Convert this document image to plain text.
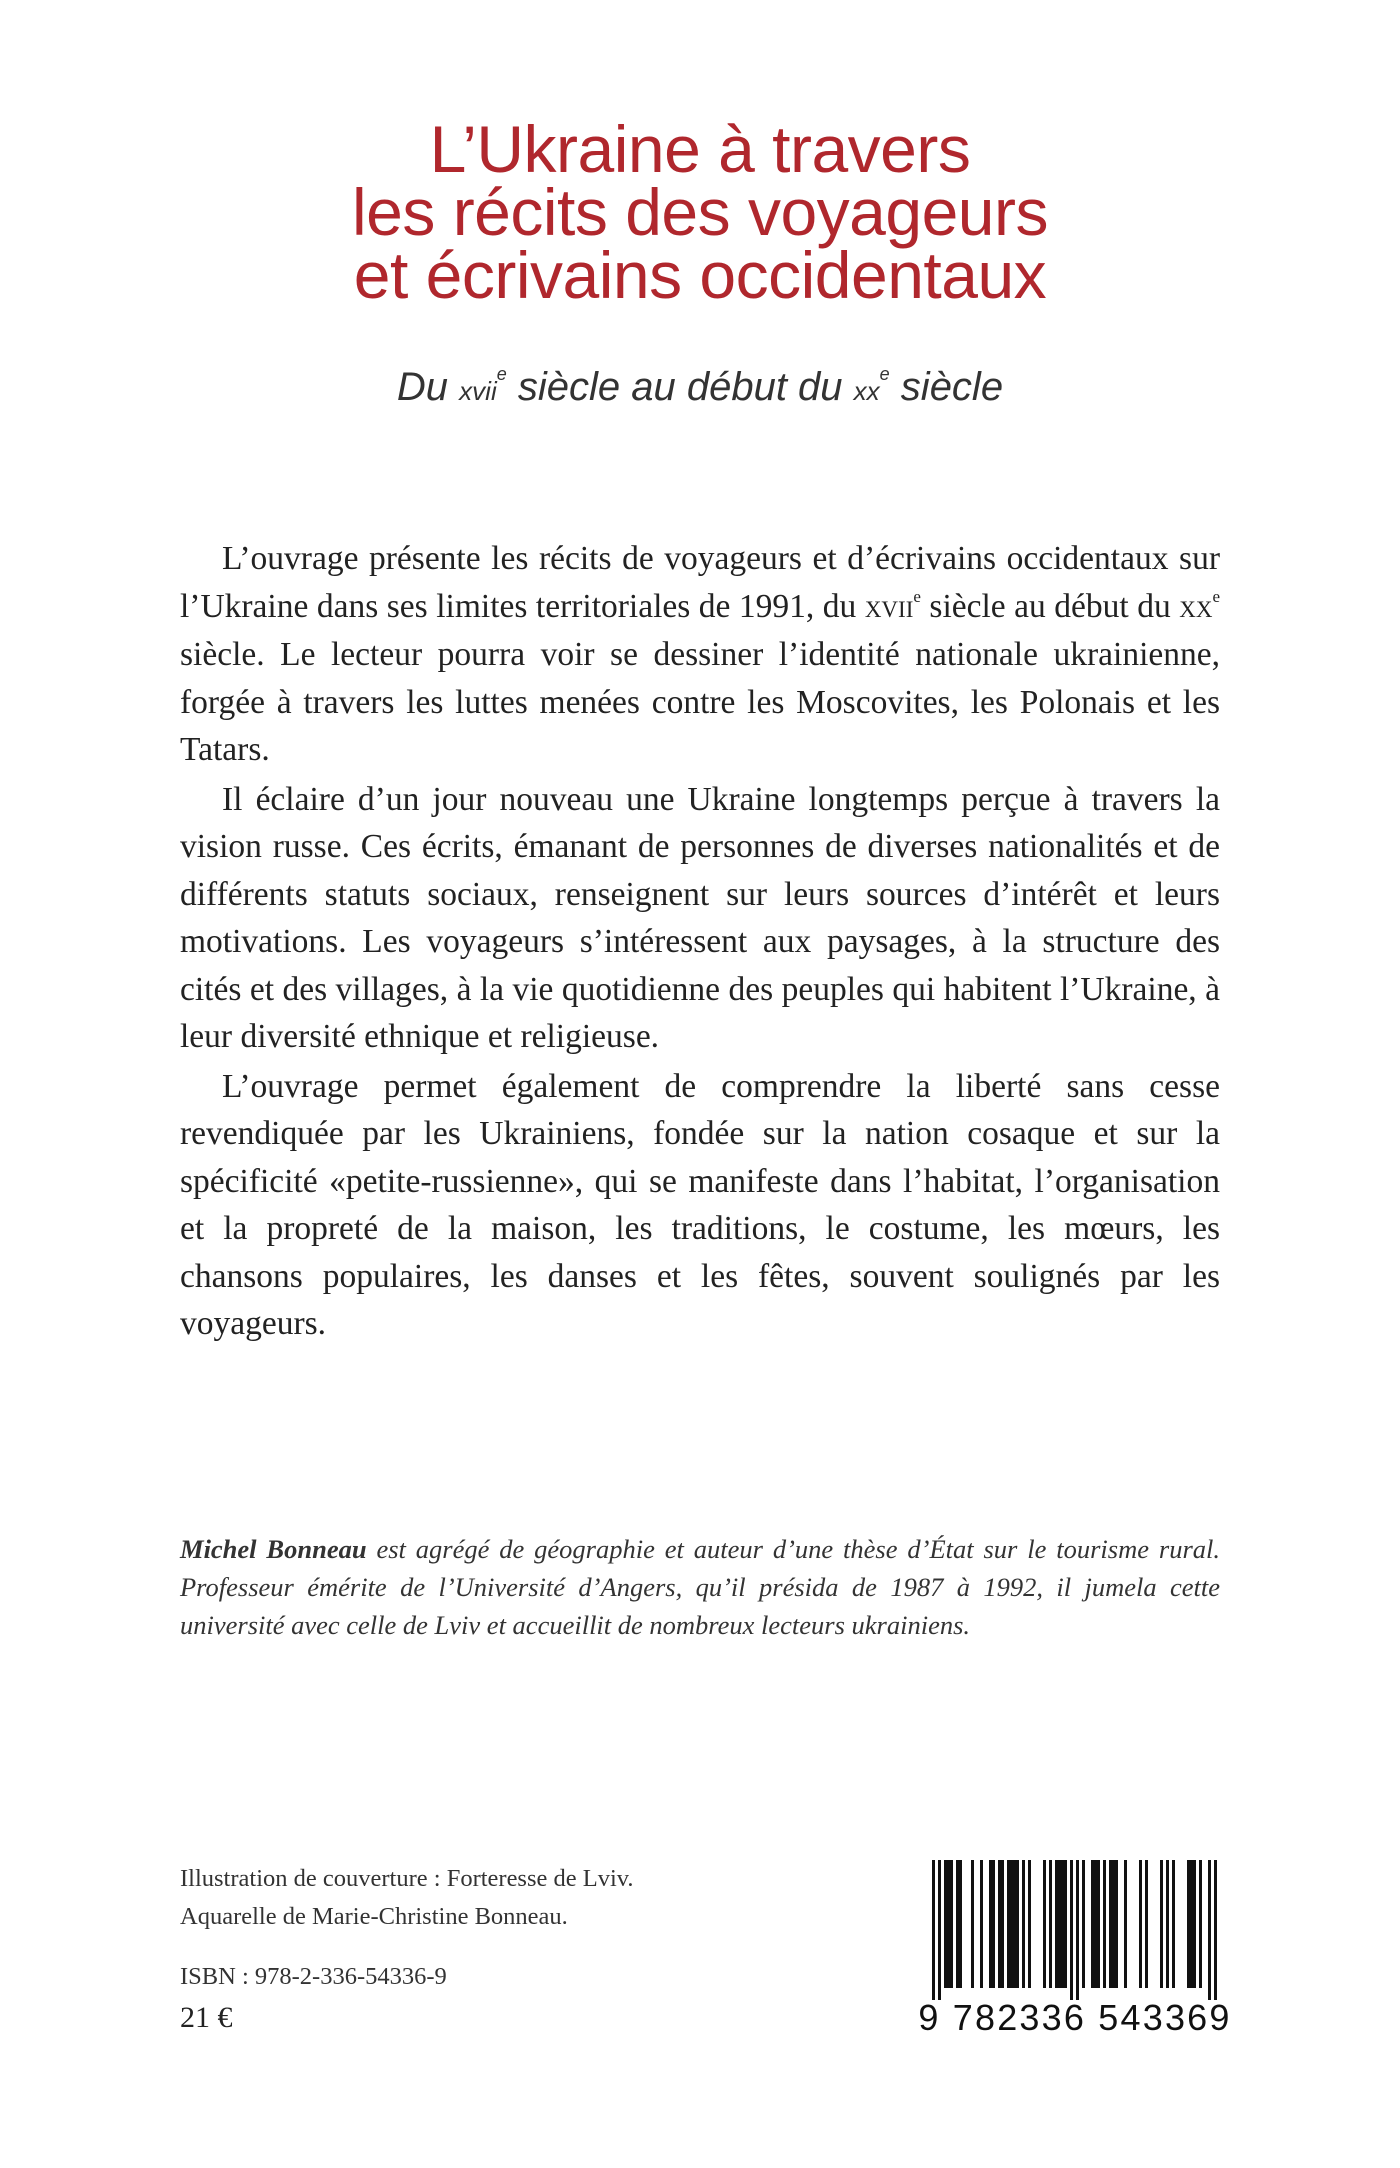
L’Ukraine à travers
les récits des voyageurs
et écrivains occidentaux
Du xvii$^e$ siècle au début du $xx^e$ siècle

L’ouvrage présente les récits de voyageurs et d’écrivains occidentaux sur l’Ukraine dans ses limites territoriales de 1991, du xvii$^e$ siècle au début du $xx^e$ siècle. Le lecteur pourra voir se dessiner l’identité nationale ukrainienne, forgée à travers les luttes menées contre les Moscovites, les Polonais et les Tatars.

Il éclaire d’un jour nouveau une Ukraine longtemps perçue à travers la vision russe. Ces écrits, émanant de personnes de diverses nationalités et de différents statuts sociaux, renseignent sur leurs sources d’intérêt et leurs motivations. Les voyageurs s’intéressent aux paysages, à la structure des cités et des villages, à la vie quotidienne des peuples qui habitent l’Ukraine, à leur diversité ethnique et religieuse.

L’ouvrage permet également de comprendre la liberté sans cesse revendiquée par les Ukrainiens, fondée sur la nation cosaque et sur la spécificité «petite-russienne», qui se manifeste dans l’habitat, l’organisation et la propreté de la maison, les traditions, le costume, les mœurs, les chansons populaires, les danses et les fêtes, souvent soulignés par les voyageurs.

Michel Bonneau est agrégé de géographie et auteur d’une thèse d’État sur le tourisme rural. Professeur émérite de l’Université d’Angers, qu’il présida de 1987 à 1992, il jumela cette université avec celle de Lviv et accueillit de nombreux lecteurs ukrainiens.
Illustration de couverture : Forteresse de Lviv.
Aquarelle de Marie-Christine Bonneau.
ISBN : 978-2-336-54336-9
21 €	9 782336 543369
